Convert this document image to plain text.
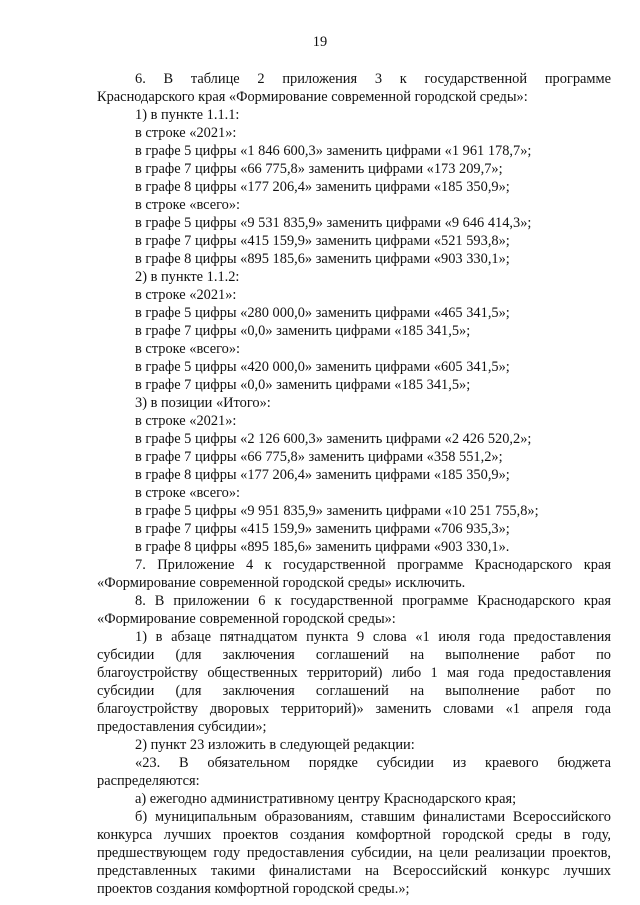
19

6. В таблице 2 приложения 3 к государственной программе

Краснодарского края «Формирование современной городской среды»:

1) в пункте 1.1.1:

в строке «2021»:

в графе 5 цифры «1 846 600,3» заменить цифрами «1 961 178,7»;

в графе 7 цифры «66 775,8» заменить цифрами «173 209,7»;

в графе 8 цифры «177 206,4» заменить цифрами «185 350,9»;

в строке «всего»:

в графе 5 цифры «9 531 835,9» заменить цифрами «9 646 414,3»;

в графе 7 цифры «415 159,9» заменить цифрами «521 593,8»;

в графе 8 цифры «895 185,6» заменить цифрами «903 330,1»;

2) в пункте 1.1.2:

в строке «2021»:

в графе 5 цифры «280 000,0» заменить цифрами «465 341,5»;

в графе 7 цифры «0,0» заменить цифрами «185 341,5»;

в строке «всего»:

в графе 5 цифры «420 000,0» заменить цифрами «605 341,5»;

в графе 7 цифры «0,0» заменить цифрами «185 341,5»;

3) в позиции «Итого»:

в строке «2021»:

в графе 5 цифры «2 126 600,3» заменить цифрами «2 426 520,2»;

в графе 7 цифры «66 775,8» заменить цифрами «358 551,2»;

в графе 8 цифры «177 206,4» заменить цифрами «185 350,9»;

в строке «всего»:

в графе 5 цифры «9 951 835,9» заменить цифрами «10 251 755,8»;

в графе 7 цифры «415 159,9» заменить цифрами «706 935,3»;

в графе 8 цифры «895 185,6» заменить цифрами «903 330,1».

7. Приложение 4 к государственной программе Краснодарского края

«Формирование современной городской среды» исключить.

8. В приложении 6 к государственной программе Краснодарского края

«Формирование современной городской среды»:

1) в абзаце пятнадцатом пункта 9 слова «1 июля года предоставления

субсидии (для заключения соглашений на выполнение работ по

благоустройству общественных территорий) либо 1 мая года предоставления

субсидии (для заключения соглашений на выполнение работ по

благоустройству дворовых территорий)» заменить словами «1 апреля года

предоставления субсидии»;

2) пункт 23 изложить в следующей редакции:

«23. В обязательном порядке субсидии из краевого бюджета

распределяются:

а) ежегодно административному центру Краснодарского края;

б) муниципальным образованиям, ставшим финалистами Всероссийского

конкурса лучших проектов создания комфортной городской среды в году,

предшествующем году предоставления субсидии, на цели реализации проектов,

представленных такими финалистами на Всероссийский конкурс лучших

проектов создания комфортной городской среды.»;
